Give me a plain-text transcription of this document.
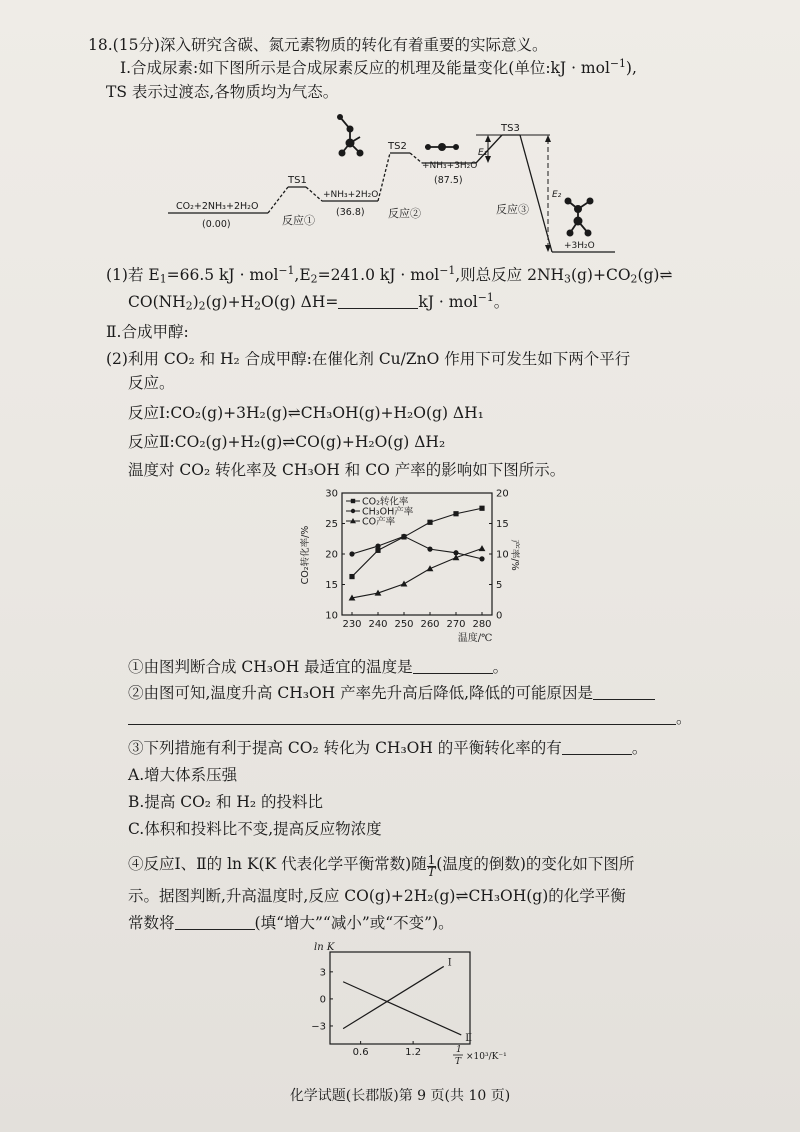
18.(15分)深入研究含碳、氮元素物质的转化有着重要的实际意义。
Ⅰ.合成尿素:如下图所示是合成尿素反应的机理及能量变化(单位:kJ · mol$^{-1}$),
TS 表示过渡态,各物质均为气态。
TS1
TS2
TS3
CO₂+2NH₃+2H₂O
(0.00)
+NH₃+2H₂O
(36.8)
+NH₃+3H₂O
(87.5)
+3H₂O
反应①
反应②	反应③
E₁
E₂
(1)若 $E_1=66.5$ kJ · $mol^{-1},E_2=241.0$ kJ · mol$^{-1}$,则总反应 $2NH_3(g)+CO_2(g)\rightleftharpoons$
$CO(NH_2)_2(g)+H_2O(g)$ ΔH=	kJ · mol$^{-1}$。
Ⅱ.合成甲醇:
(2)利用 CO₂ 和 H₂ 合成甲醇:在催化剂 Cu/ZnO 作用下可发生如下两个平行
反应。
反应Ⅰ:CO₂(g)+3H₂(g)⇌CH₃OH(g)+H₂O(g) ΔH₁
反应Ⅱ:CO₂(g)+H₂(g)⇌CO(g)+H₂O(g) ΔH₂
温度对 CO₂ 转化率及 CH₃OH 和 CO 产率的影响如下图所示。
230 240 250 260 270 280
10
15
20
25
30
0
5
10
15
20
CO₂转化率
CH₃OH产率
CO产率
CO₂转化率/%	产率/%
温度/℃
①由图判断合成 CH₃OH 最适宜的温度是	。
②由图可知,温度升高 CH₃OH 产率先升高后降低,降低的可能原因是
。
③下列措施有利于提高 CO₂ 转化为 CH₃OH 的平衡转化率的有	。
A.增大体系压强
B.提高 CO₂ 和 H₂ 的投料比
C.体积和投料比不变,提高反应物浓度
④反应Ⅰ、Ⅱ的 ln K(K 代表化学平衡常数)随 $\frac{1}{T}$ (温度的倒数)的变化如下图所
示。据图判断,升高温度时,反应 CO(g)+2H₂(g)⇌CH₃OH(g)的化学平衡
常数将	(填“增大”“减小”或“不变”)。
0.6	1.2
3
0
−3
Ⅰ
Ⅱ
ln K
1
T ×10³/K⁻¹
化学试题(长郡版)第 9 页(共 10 页)
